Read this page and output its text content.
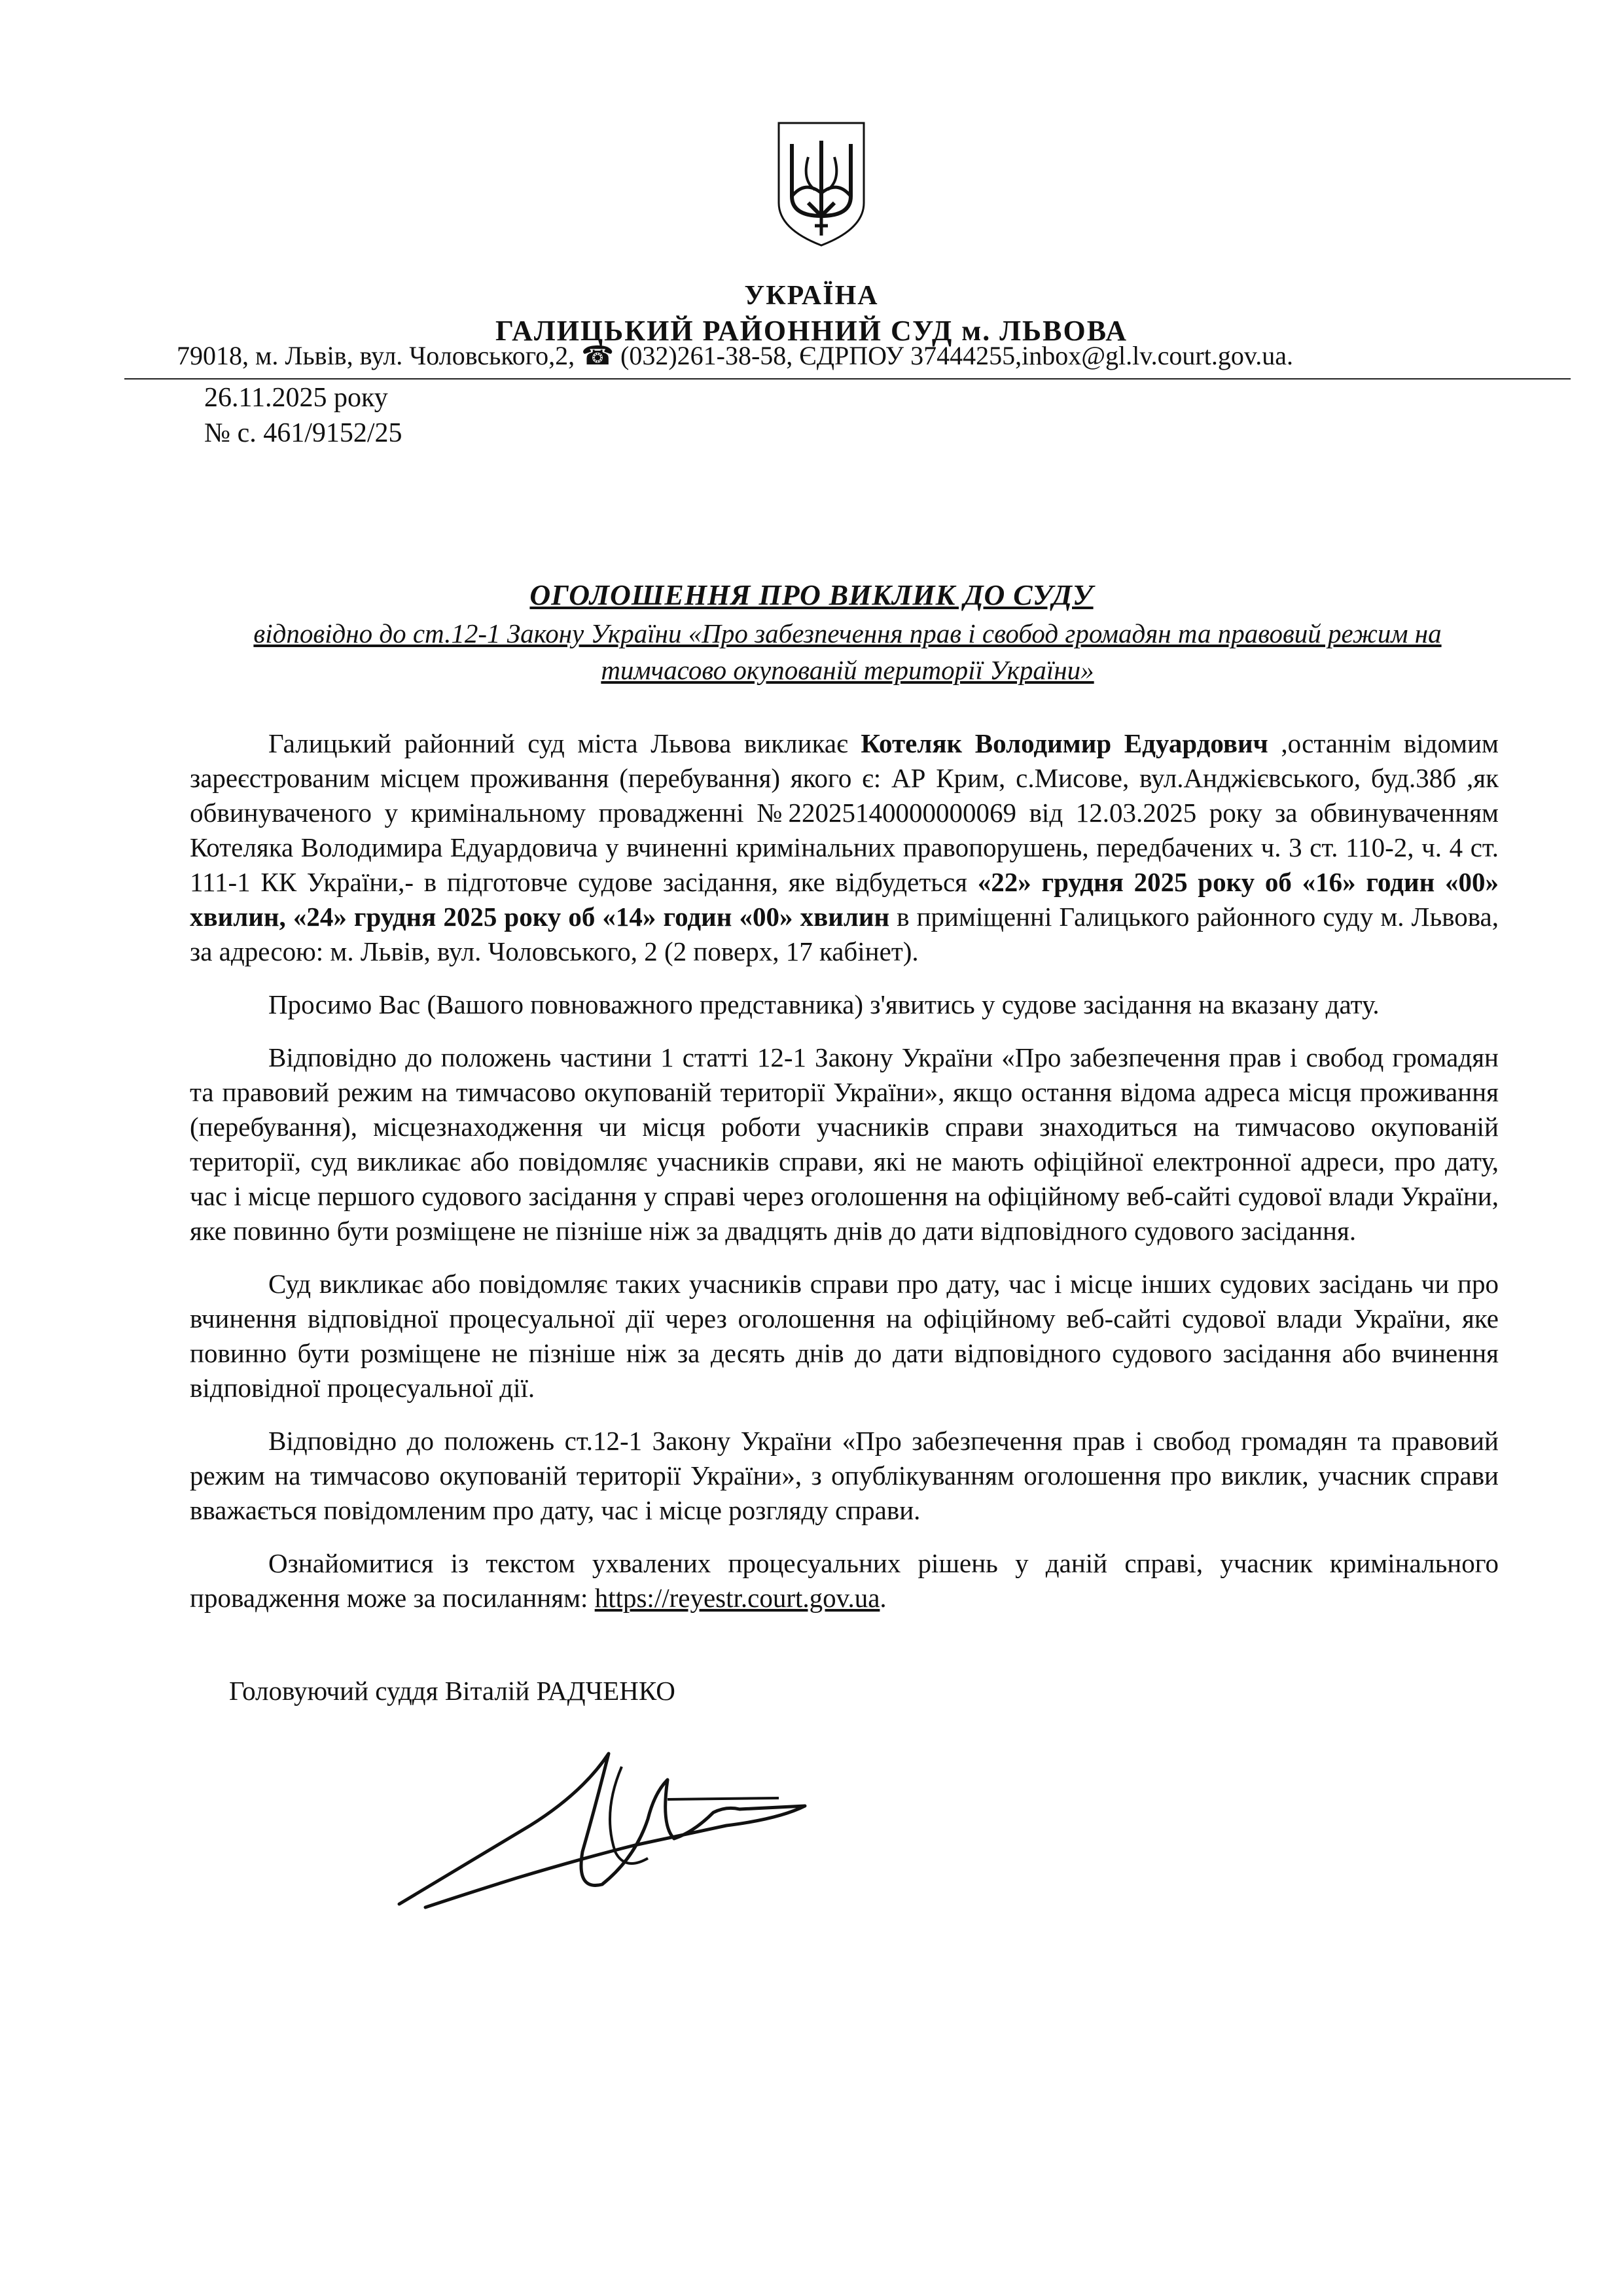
УКРАЇНА
ГАЛИЦЬКИЙ РАЙОННИЙ СУД м. ЛЬВОВА
79018, м. Львів, вул. Чоловського,2, ☎ (032)261-38-58, ЄДРПОУ 37444255,inbox@gl.lv.court.gov.ua.
26.11.2025 року
№ с. 461/9152/25
ОГОЛОШЕННЯ ПРО ВИКЛИК ДО СУДУ
відповідно до ст.12-1 Закону України «Про забезпечення прав і свобод громадян та правовий режим на тимчасово окупованій території України»

Галицький районний суд міста Львова викликає Котеляк Володимир Едуардович ,останнім відомим зареєстрованим місцем проживання (перебування) якого є: АР Крим, с.Мисове, вул.Анджієвського, буд.38б ,як обвинуваченого у кримінальному провадженні №22025140000000069 від 12.03.2025 року за обвинуваченням Котеляка Володимира Едуардовича у вчиненні кримінальних правопорушень, передбачених ч. 3 ст. 110-2, ч. 4 ст. 111-1 КК України,- в підготовче судове засідання, яке відбудеться «22» грудня 2025 року об «16» годин «00» хвилин, «24» грудня 2025 року об «14» годин «00» хвилин в приміщенні Галицького районного суду м. Львова, за адресою: м. Львів, вул. Чоловського, 2 (2 поверх, 17 кабінет).

Просимо Вас (Вашого повноважного представника) з'явитись у судове засідання на вказану дату.

Відповідно до положень частини 1 статті 12-1 Закону України «Про забезпечення прав і свобод громадян та правовий режим на тимчасово окупованій території України», якщо остання відома адреса місця проживання (перебування), місцезнаходження чи місця роботи учасників справи знаходиться на тимчасово окупованій території, суд викликає або повідомляє учасників справи, які не мають офіційної електронної адреси, про дату, час і місце першого судового засідання у справі через оголошення на офіційному веб-сайті судової влади України, яке повинно бути розміщене не пізніше ніж за двадцять днів до дати відповідного судового засідання.

Суд викликає або повідомляє таких учасників справи про дату, час і місце інших судових засідань чи про вчинення відповідної процесуальної дії через оголошення на офіційному веб-сайті судової влади України, яке повинно бути розміщене не пізніше ніж за десять днів до дати відповідного судового засідання або вчинення відповідної процесуальної дії.

Відповідно до положень ст.12-1 Закону України «Про забезпечення прав і свобод громадян та правовий режим на тимчасово окупованій території України», з опублікуванням оголошення про виклик, учасник справи вважається повідомленим про дату, час і місце розгляду справи.

Ознайомитися із текстом ухвалених процесуальних рішень у даній справі, учасник кримінального провадження може за посиланням: https://reyestr.court.gov.ua.

Головуючий суддя Віталій РАДЧЕНКО
